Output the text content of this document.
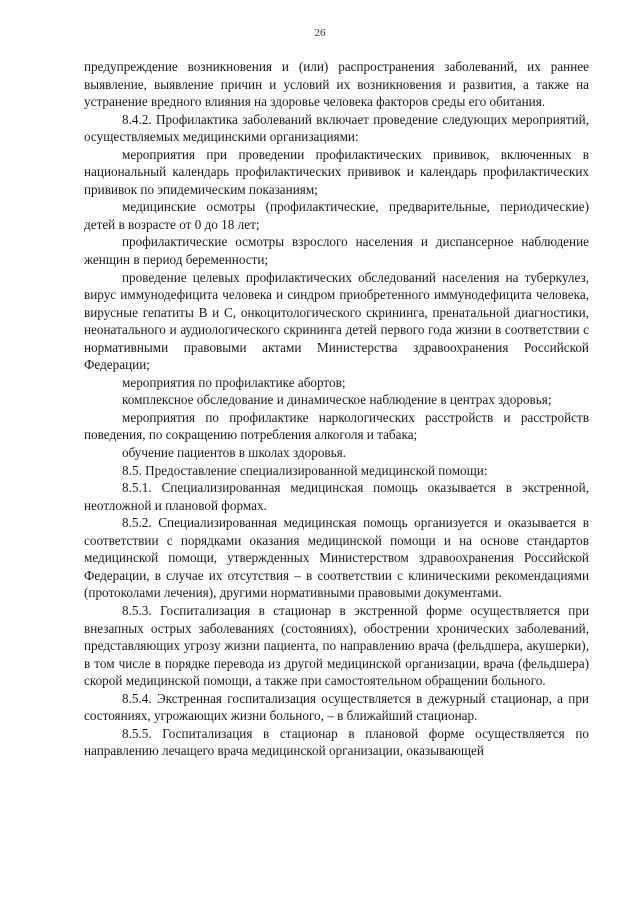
26

предупреждение возникновения и (или) распространения заболеваний, их раннее выявление, выявление причин и условий их возникновения и развития, а также на устранение вредного влияния на здоровье человека факторов среды его обитания.

8.4.2. Профилактика заболеваний включает проведение следующих мероприятий, осуществляемых медицинскими организациями:

мероприятия при проведении профилактических прививок, включенных в национальный календарь профилактических прививок и календарь профилактических прививок по эпидемическим показаниям;

медицинские осмотры (профилактические, предварительные, периодические) детей в возрасте от 0 до 18 лет;

профилактические осмотры взрослого населения и диспансерное наблюдение женщин в период беременности;

проведение целевых профилактических обследований населения на туберкулез, вирус иммунодефицита человека и синдром приобретенного иммунодефицита человека, вирусные гепатиты В и С, онкоцитологического скрининга, пренатальной диагностики, неонатального и аудиологического скрининга детей первого года жизни в соответствии с нормативными правовыми актами Министерства здравоохранения Российской Федерации;

мероприятия по профилактике абортов;

комплексное обследование и динамическое наблюдение в центрах здоровья;

мероприятия по профилактике наркологических расстройств и расстройств поведения, по сокращению потребления алкоголя и табака;

обучение пациентов в школах здоровья.

8.5. Предоставление специализированной медицинской помощи:

8.5.1. Специализированная медицинская помощь оказывается в экстренной, неотложной и плановой формах.

8.5.2. Специализированная медицинская помощь организуется и оказывается в соответствии с порядками оказания медицинской помощи и на основе стандартов медицинской помощи, утвержденных Министерством здравоохранения Российской Федерации, в случае их отсутствия – в соответствии с клиническими рекомендациями (протоколами лечения), другими нормативными правовыми документами.

8.5.3. Госпитализация в стационар в экстренной форме осуществляется при внезапных острых заболеваниях (состояниях), обострении хронических заболеваний, представляющих угрозу жизни пациента, по направлению врача (фельдшера, акушерки), в том числе в порядке перевода из другой медицинской организации, врача (фельдшера) скорой медицинской помощи, а также при самостоятельном обращении больного.

8.5.4. Экстренная госпитализация осуществляется в дежурный стационар, а при состояниях, угрожающих жизни больного, – в ближайший стационар.

8.5.5. Госпитализация в стационар в плановой форме осуществляется по направлению лечащего врача медицинской организации, оказывающей
